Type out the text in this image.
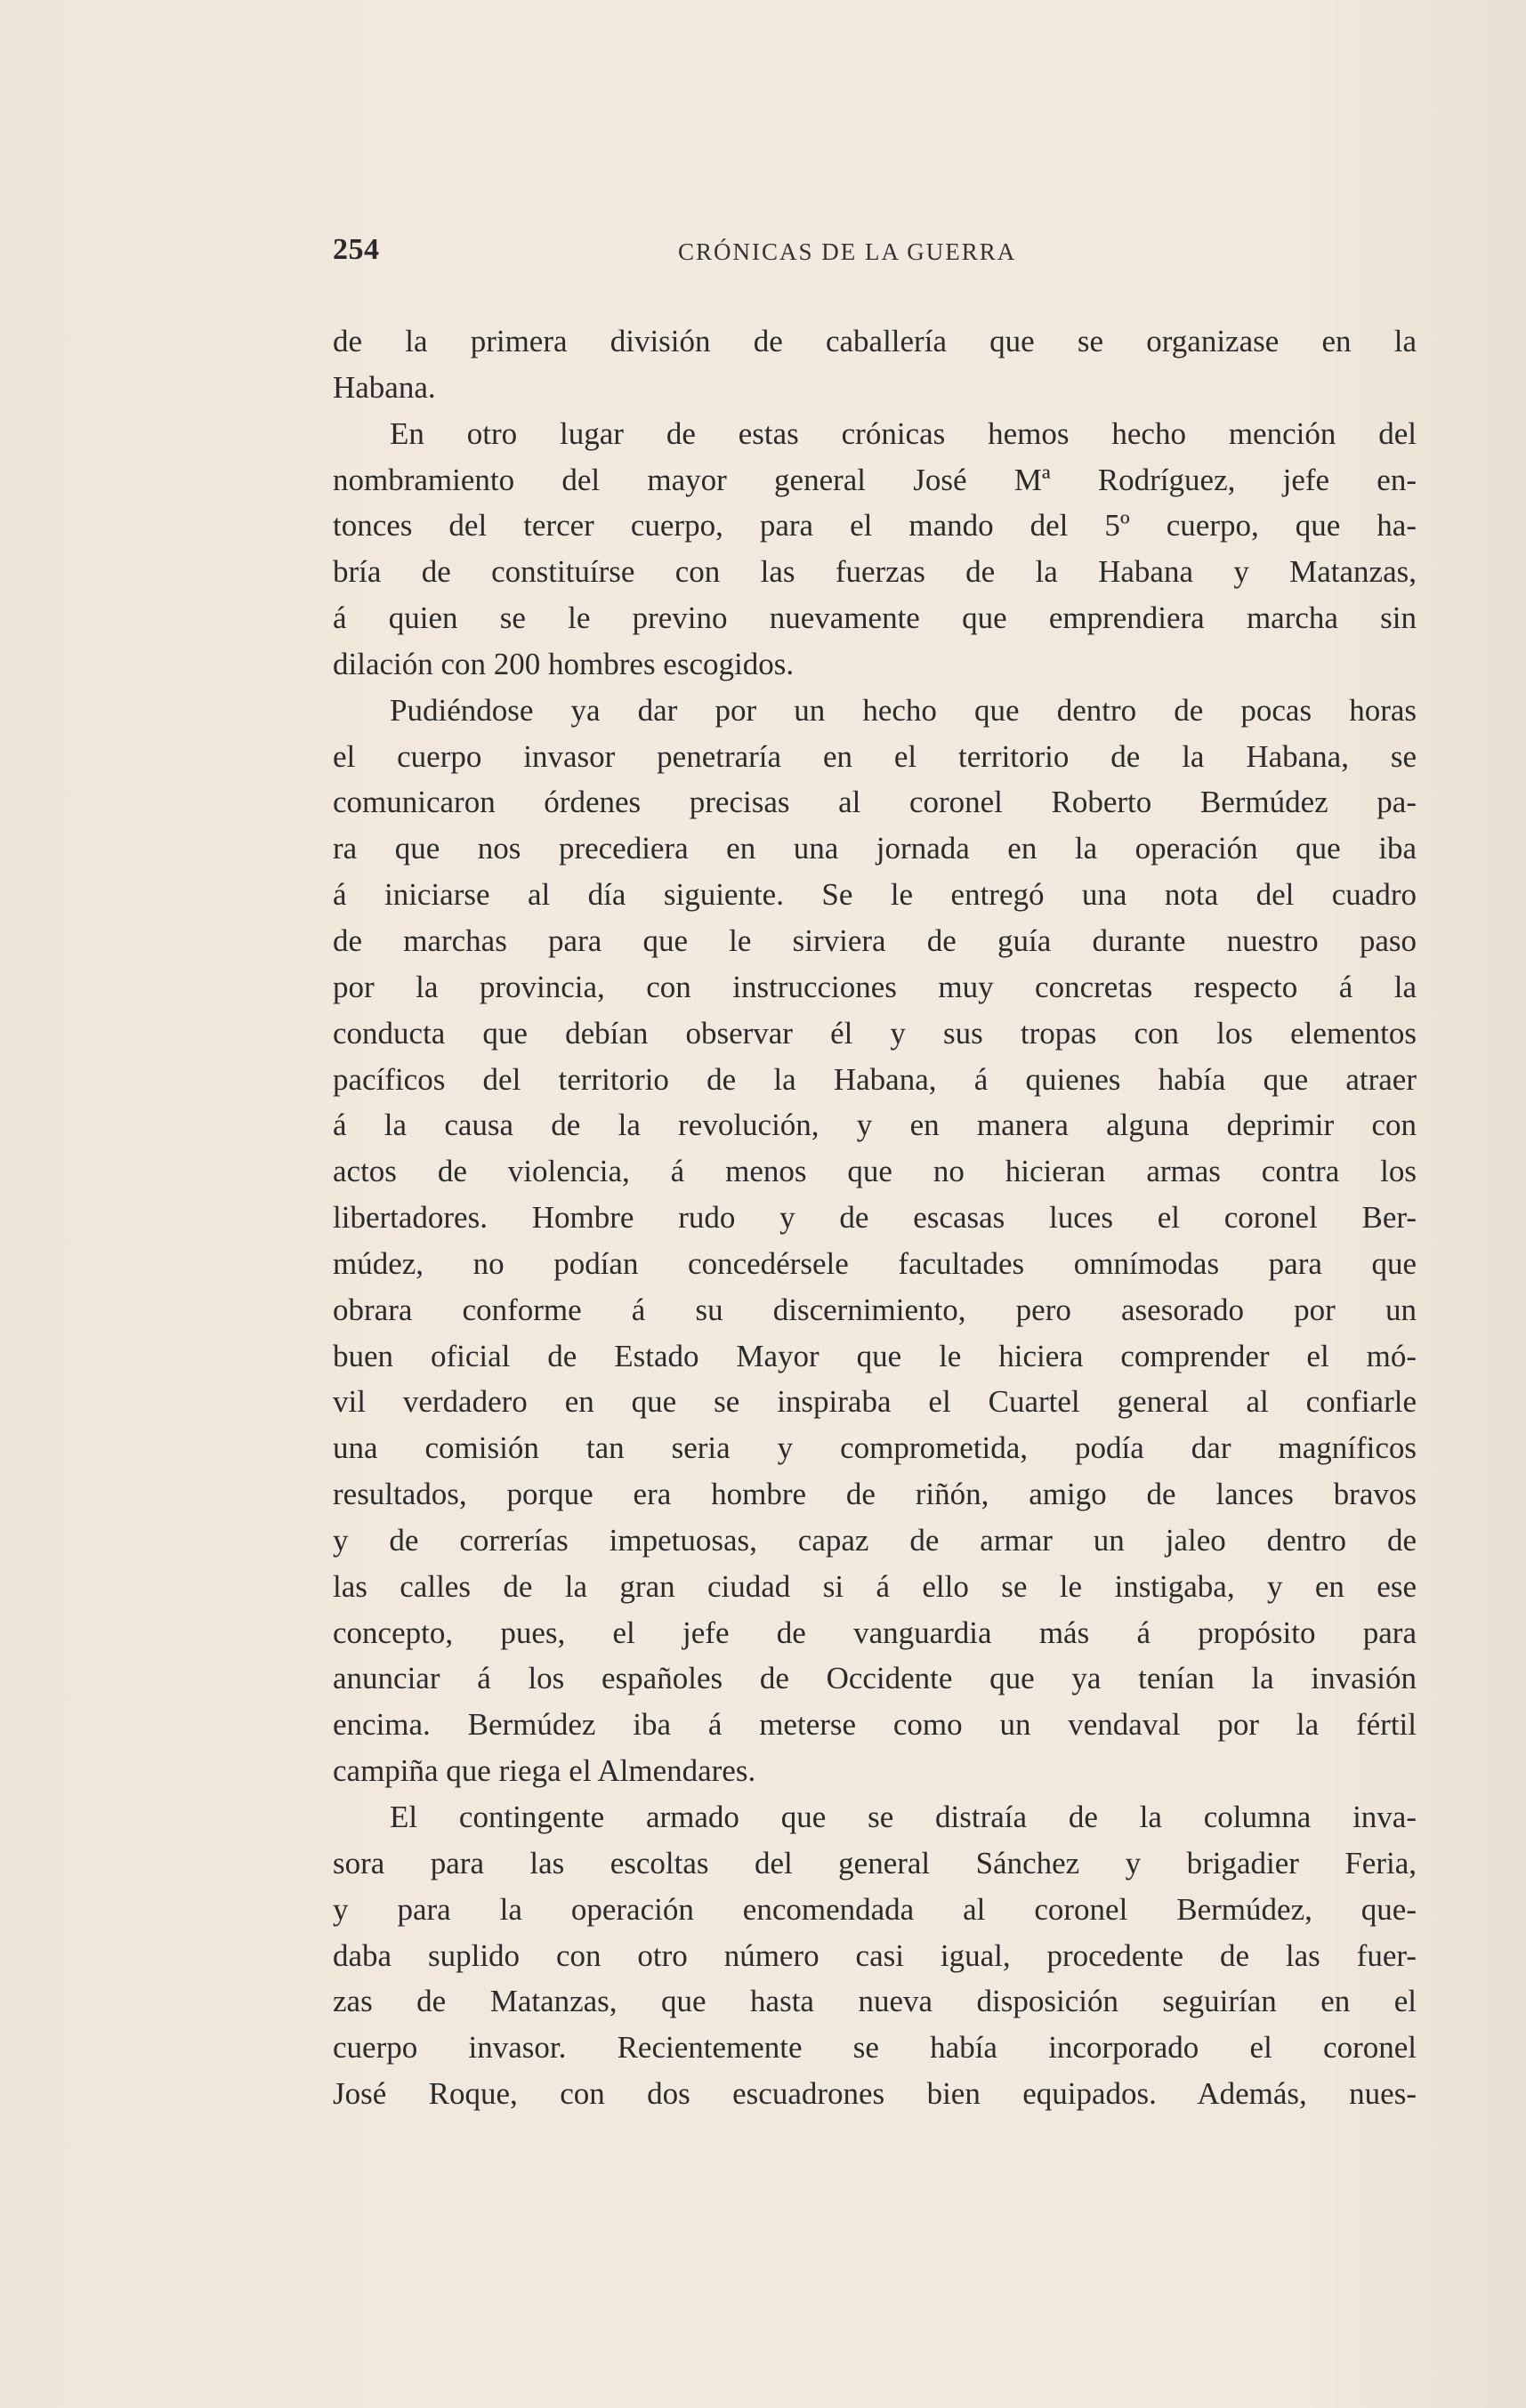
254	CRÓNICAS DE LA GUERRA
de la primera división de caballería que se organizase en la
Habana.
En otro lugar de estas crónicas hemos hecho mención del
nombramiento del mayor general José Mª Rodríguez, jefe en-
tonces del tercer cuerpo, para el mando del 5º cuerpo, que ha-
bría de constituírse con las fuerzas de la Habana y Matanzas,
á quien se le previno nuevamente que emprendiera marcha sin
dilación con 200 hombres escogidos.
Pudiéndose ya dar por un hecho que dentro de pocas horas
el cuerpo invasor penetraría en el territorio de la Habana, se
comunicaron órdenes precisas al coronel Roberto Bermúdez pa-
ra que nos precediera en una jornada en la operación que iba
á iniciarse al día siguiente. Se le entregó una nota del cuadro
de marchas para que le sirviera de guía durante nuestro paso
por la provincia, con instrucciones muy concretas respecto á la
conducta que debían observar él y sus tropas con los elementos
pacíficos del territorio de la Habana, á quienes había que atraer
á la causa de la revolución, y en manera alguna deprimir con
actos de violencia, á menos que no hicieran armas contra los
libertadores. Hombre rudo y de escasas luces el coronel Ber-
múdez, no podían concedérsele facultades omnímodas para que
obrara conforme á su discernimiento, pero asesorado por un
buen oficial de Estado Mayor que le hiciera comprender el mó-
vil verdadero en que se inspiraba el Cuartel general al confiarle
una comisión tan seria y comprometida, podía dar magníficos
resultados, porque era hombre de riñón, amigo de lances bravos
y de correrías impetuosas, capaz de armar un jaleo dentro de
las calles de la gran ciudad si á ello se le instigaba, y en ese
concepto, pues, el jefe de vanguardia más á propósito para
anunciar á los españoles de Occidente que ya tenían la invasión
encima. Bermúdez iba á meterse como un vendaval por la fértil
campiña que riega el Almendares.
El contingente armado que se distraía de la columna inva-
sora para las escoltas del general Sánchez y brigadier Feria,
y para la operación encomendada al coronel Bermúdez, que-
daba suplido con otro número casi igual, procedente de las fuer-
zas de Matanzas, que hasta nueva disposición seguirían en el
cuerpo invasor. Recientemente se había incorporado el coronel
José Roque, con dos escuadrones bien equipados. Además, nues-
